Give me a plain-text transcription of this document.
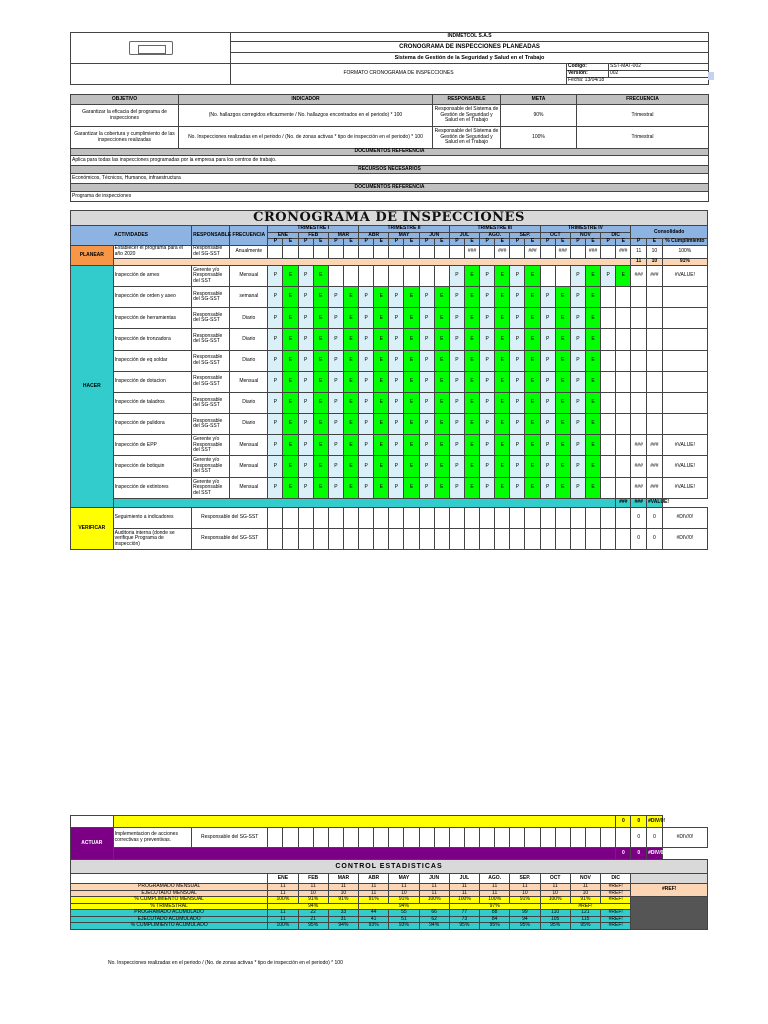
	INDMETCOL S.A.S		
	CRONOGRAMA DE INSPECCIONES PLANEADAS		
	Sistema de Gestión de la Seguridad y Salud en el Trabajo		
	FORMATO CRONOGRAMA DE INSPECCIONES	Codigo:	SST-MAT-002
		Versión:	002
		Fecha: 13/04/18	
OBJETIVO	INDICADOR	RESPONSABLE	META	FRECUENCIA
Garantizar la eficacia del programa de inspecciones	(No. hallazgos corregidos eficazmente / No. hallazgos encontrados en el periodo) * 100	Responsable del Sistema de Gestión de Seguridad y Salud en el Trabajo	90%	Trimestral
Garantizar la cobertura y cumplimiento de las inspecciones realizadas	No. Inspecciones realizadas en el periodo / (No. de zonas activas * tipo de inspección en el periodo) * 100	Responsable del Sistema de Gestión de Seguridad y Salud en el Trabajo	100%	Trimestral
DOCUMENTOS REFERENCIA				
Aplica para todas las inspecciones programadas por la empresa para los centros de trabajo.				
RECURSOS NECESARIOS				
Económicos, Técnicos, Humanos, infraestructura				
DOCUMENTOS REFERENCIA				
Programa de inspecciones				
CRONOGRAMA DE INSPECCIONES																														
ACTIVIDADES		RESPONSABLE	FRECUENCIA	TRIMESTRE I						TRIMESTRE II						TRIMESTRE III						TRIMESTRE IV						Consolidado		
				ENE		FEB		MAR		ABR		MAY		JUN		JUL		AGO.		SEP.		OCT		NOV		DIC				
				P	E	P	E	P	E	P	E	P	E	P	E	P	E	P	E	P	E	P	E	P	E	P	E	P	E	% Cumplimiento
PLANEAR	Establecer el programa para el año 2020	Responsable del SG-SST	Anualmente														###		###		###		###		###		###	11	10	100%
																												11	10	91%
HACER	Inspección de arnes	Gerente y/o Responsable del SST	Mensual	P	E	P	E									P	E	P	E	P	E			P	E	P	E	###	###	#VALUE!
	Inspección de orden y aseo	Responsable del SG-SST	semanal	P	E	P	E	P	E	P	E	P	E	P	E	P	E	P	E	P	E	P	E	P	E					
	Inspección de herramientas	Responsable del SG-SST	Diario	P	E	P	E	P	E	P	E	P	E	P	E	P	E	P	E	P	E	P	E	P	E					
	Inspección de tronzadora	Responsable del SG-SST	Diario	P	E	P	E	P	E	P	E	P	E	P	E	P	E	P	E	P	E	P	E	P	E					
	Inspección de eq soldar	Responsable del SG-SST	Diario	P	E	P	E	P	E	P	E	P	E	P	E	P	E	P	E	P	E	P	E	P	E					
	Inspección de dotacion	Responsable del SG-SST	Mensual	P	E	P	E	P	E	P	E	P	E	P	E	P	E	P	E	P	E	P	E	P	E					
	Inspección de taladros	Responsable del SG-SST	Diario	P	E	P	E	P	E	P	E	P	E	P	E	P	E	P	E	P	E	P	E	P	E					
	Inspección de pulidora	Responsable del SG-SST	Diario	P	E	P	E	P	E	P	E	P	E	P	E	P	E	P	E	P	E	P	E	P	E					
	Inspección de EPP	Gerente y/o Responsable del SST	Mensual	P	E	P	E	P	E	P	E	P	E	P	E	P	E	P	E	P	E	P	E	P	E			###	###	#VALUE!
	Inspección de botiquin	Gerente y/o Responsable del SST	Mensual	P	E	P	E	P	E	P	E	P	E	P	E	P	E	P	E	P	E	P	E	P	E			###	###	#VALUE!
	Inspección de extintores	Gerente y/o Responsable del SST	Mensual	P	E	P	E	P	E	P	E	P	E	P	E	P	E	P	E	P	E	P	E	P	E			###	###	#VALUE!
																											###	###	#VALUE!	
VERIFICAR	Seguimiento a indicadores	Responsable del SG-SST																										0	0	#DIV/0!
	Auditoria interna (donde se verifique Programa de inspección)	Responsable del SG-SST																										0	0	#DIV/0!
																										0	0	#DIV/0!	
ACTUAR	Implementacion de acciones correctivas y preventivas.	Responsable del SG-SST																									0	0	#DIV/0!
																										0	0	#DIV/0!	
CONTROL ESTADISTICAS																													
			ENE		FEB		MAR		ABR		MAY		JUN		JUL		AGO.		SEP.		OCT		NOV		DIC				
PROGRAMADO MENSUAL			11		11		11		11		11		11		11		11		11		11		11		#REF!		#REF!		
EJECUTADO MENSUAL			11		10		10		11		10		11		11		11		10		10		10		#REF!				
% CUMPLIMIENTO MENSUAL			100%		91%		91%		91%		91%		100%		100%		100%		91%		100%		91%		#REF!				
% TRIMESTRAL			94%						94%						97%						#REF!								
PROGRAMADO ACUMULADO			11		22		33		44		55		66		77		88		99		110		121		#REF!				
EJECUTADO ACUMULADO			11		21		31		41		51		62		73		84		94		105		115		#REF!				
% CUMPLIMIENTO ACUMULADO			100%		95%		94%		93%		93%		94%		95%		95%		95%		95%		95%		#REF!				
No. Inspecciones realizadas en el periodo / (No. de zonas activas * tipo de inspección en el periodo) * 100
